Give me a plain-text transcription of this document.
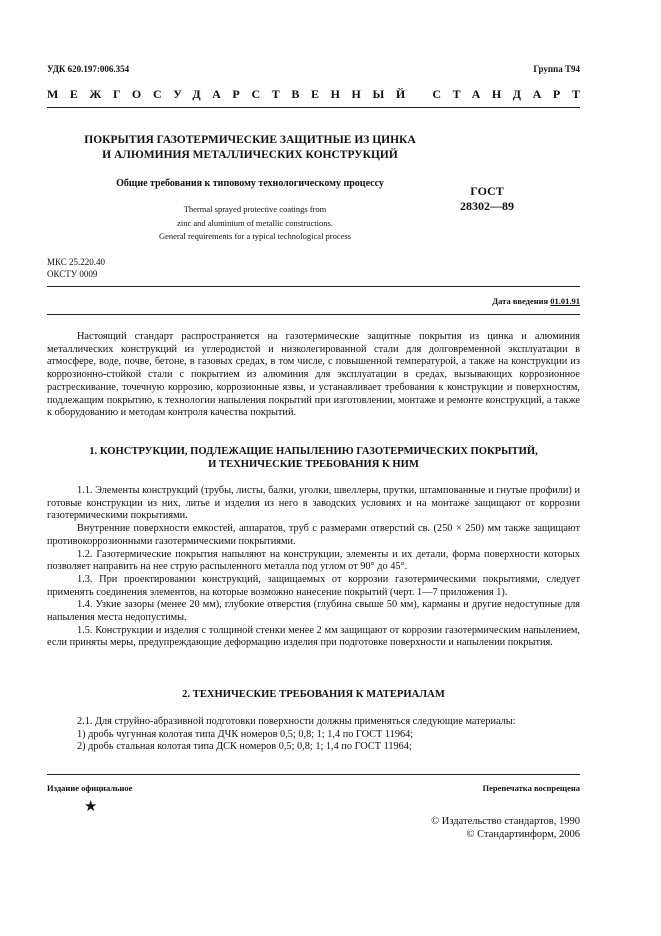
УДК 620.197:006.354	Группа Т94
МЕЖГОСУДАРСТВЕННЫЙ СТАНДАРТ
ПОКРЫТИЯ ГАЗОТЕРМИЧЕСКИЕ ЗАЩИТНЫЕ ИЗ ЦИНКА
И АЛЮМИНИЯ МЕТАЛЛИЧЕСКИХ КОНСТРУКЦИЙ
Общие требования к типовому технологическому процессу
Thermal sprayed protective coatings from
zinc and aluminium of metallic constructions.
General requirements for a typical technological process
ГОСТ
28302—89
МКС 25.220.40
ОКСТУ 0009
Дата введения 01.01.91

Настоящий стандарт распространяется на газотермические защитные покрытия из цинка и алюминия металлических конструкций из углеродистой и низколегированной стали для долговременной эксплуатации в атмосфере, воде, почве, бетоне, в газовых средах, в том числе, с повышенной температурой, а также на конструкции из коррозионно-стойкой стали с покрытием из алюминия для эксплуатации в средах, вызывающих коррозионное растрескивание, точечную коррозию, коррозионные язвы, и устанавливает требования к конструкции и поверхностям, подлежащим покрытию, к технологии напыления покрытий при изготовлении, монтаже и ремонте конструкций, а также к оборудованию и методам контроля качества покрытий.

1. КОНСТРУКЦИИ, ПОДЛЕЖАЩИЕ НАПЫЛЕНИЮ ГАЗОТЕРМИЧЕСКИХ ПОКРЫТИЙ,
И ТЕХНИЧЕСКИЕ ТРЕБОВАНИЯ К НИМ

1.1. Элементы конструкций (трубы, листы, балки, уголки, швеллеры, прутки, штампованные и гнутые профили) и готовые конструкции из них, литье и изделия из него в заводских условиях и на монтаже защищают от коррозии газотермическими покрытиями.

Внутренние поверхности емкостей, аппаратов, труб с размерами отверстий св. (250 × 250) мм также защищают противокоррозионными газотермическими покрытиями.

1.2. Газотермические покрытия напыляют на конструкции, элементы и их детали, форма поверхности которых позволяет направить на нее струю распыленного металла под углом от 90° до 45°.

1.3. При проектировании конструкций, защищаемых от коррозии газотермическими покрытиями, следует применять соединения элементов, на которые возможно нанесение покрытий (черт. 1—7 приложения 1).

1.4. Узкие зазоры (менее 20 мм), глубокие отверстия (глубина свыше 50 мм), карманы и другие недоступные для напыления места недопустимы.

1.5. Конструкции и изделия с толщиной стенки менее 2 мм защищают от коррозии газотермическим напылением, если приняты меры, предупреждающие деформацию изделия при подготовке поверхности и напылении покрытия.

2. ТЕХНИЧЕСКИЕ ТРЕБОВАНИЯ К МАТЕРИАЛАМ

2.1. Для струйно-абразивной подготовки поверхности должны применяться следующие материалы:

1) дробь чугунная колотая типа ДЧК номеров 0,5; 0,8; 1; 1,4 по ГОСТ 11964;

2) дробь стальная колотая типа ДСК номеров 0,5; 0,8; 1; 1,4 по ГОСТ 11964;

Издание официальное	Перепечатка воспрещена
★
© Издательство стандартов, 1990
© Стандартинформ, 2006
